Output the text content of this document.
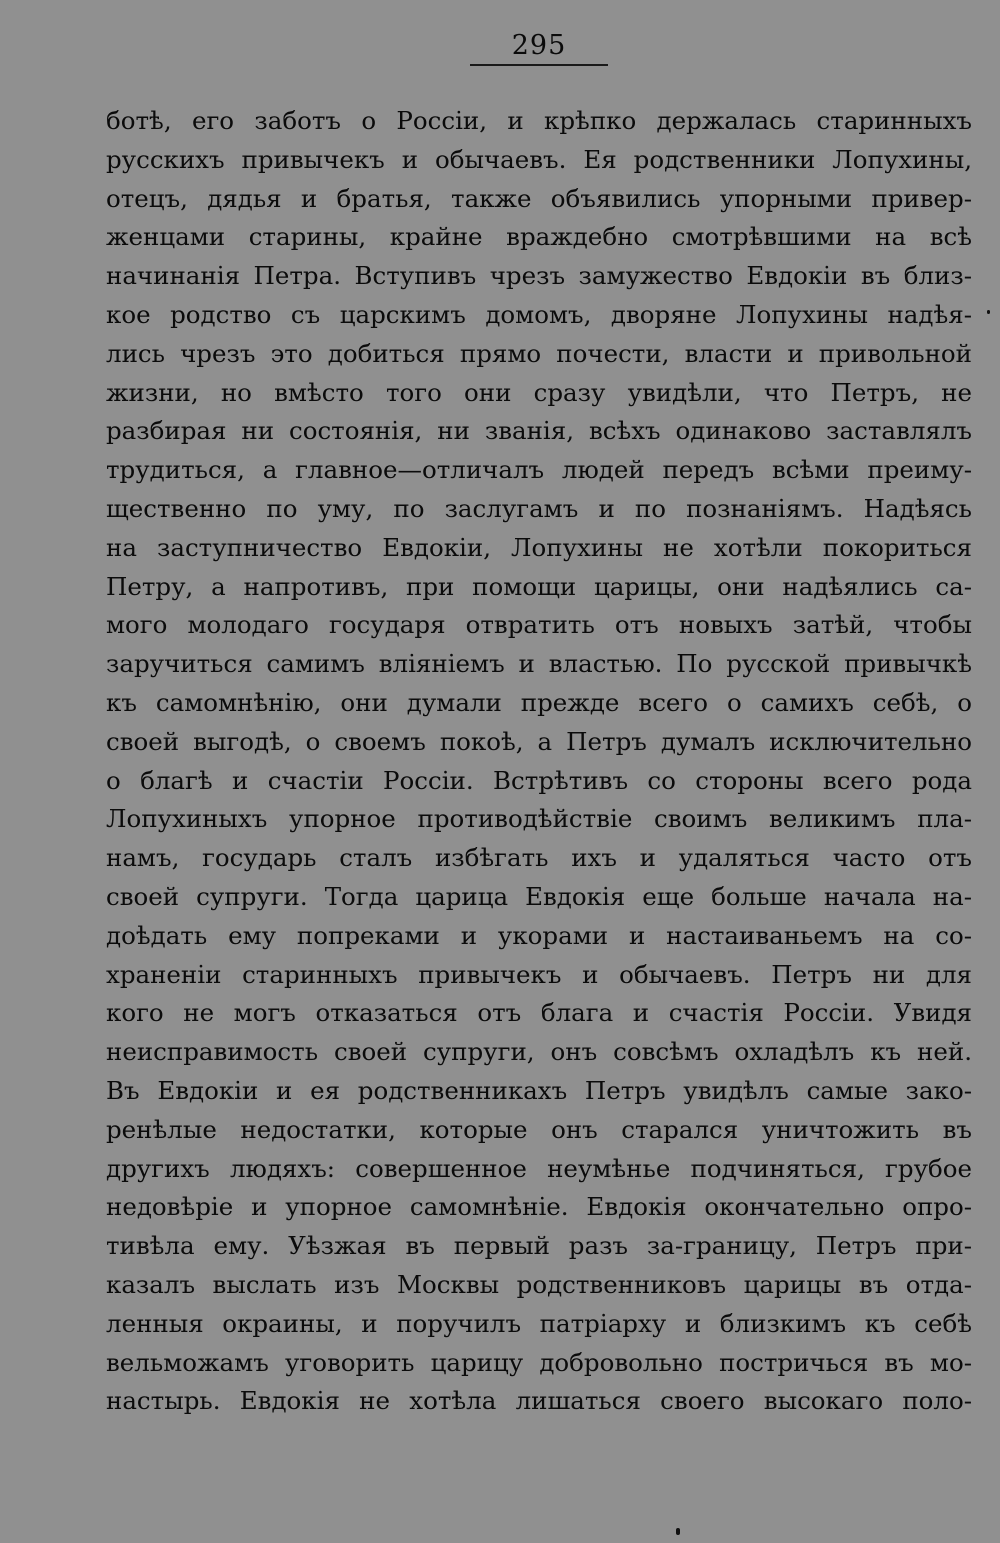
295
ботѣ, его заботъ о Россіи, и крѣпко держалась старинныхъ
русскихъ привычекъ и обычаевъ. Ея родственники Лопухины,
отецъ, дядья и братья, также объявились упорными привер-
женцами старины, крайне враждебно смотрѣвшими на всѣ
начинанія Петра. Вступивъ чрезъ замужество Евдокіи въ близ-
кое родство съ царскимъ домомъ, дворяне Лопухины надѣя-
лись чрезъ это добиться прямо почести, власти и привольной
жизни, но вмѣсто того они сразу увидѣли, что Петръ, не
разбирая ни состоянія, ни званія, всѣхъ одинаково заставлялъ
трудиться, а главное—отличалъ людей передъ всѣми преиму-
щественно по уму, по заслугамъ и по познаніямъ. Надѣясь
на заступничество Евдокіи, Лопухины не хотѣли покориться
Петру, а напротивъ, при помощи царицы, они надѣялись са-
мого молодаго государя отвратить отъ новыхъ затѣй, чтобы
заручиться самимъ вліяніемъ и властью. По русской привычкѣ
къ самомнѣнію, они думали прежде всего о самихъ себѣ, о
своей выгодѣ, о своемъ покоѣ, а Петръ думалъ исключительно
о благѣ и счастіи Россіи. Встрѣтивъ со стороны всего рода
Лопухиныхъ упорное противодѣйствіе своимъ великимъ пла-
намъ, государь сталъ избѣгать ихъ и удаляться часто отъ
своей супруги. Тогда царица Евдокія еще больше начала на-
доѣдать ему попреками и укорами и настаиваньемъ на со-
храненіи старинныхъ привычекъ и обычаевъ. Петръ ни для
кого не могъ отказаться отъ блага и счастія Россіи. Увидя
неисправимость своей супруги, онъ совсѣмъ охладѣлъ къ ней.
Въ Евдокіи и ея родственникахъ Петръ увидѣлъ самые зако-
ренѣлые недостатки, которые онъ старался уничтожить въ
другихъ людяхъ: совершенное неумѣнье подчиняться, грубое
недовѣріе и упорное самомнѣніе. Евдокія окончательно опро-
тивѣла ему. Уѣзжая въ первый разъ за-границу, Петръ при-
казалъ выслать изъ Москвы родственниковъ царицы въ отда-
ленныя окраины, и поручилъ патріарху и близкимъ къ себѣ
вельможамъ уговорить царицу добровольно постричься въ мо-
настырь. Евдокія не хотѣла лишаться своего высокаго поло-
